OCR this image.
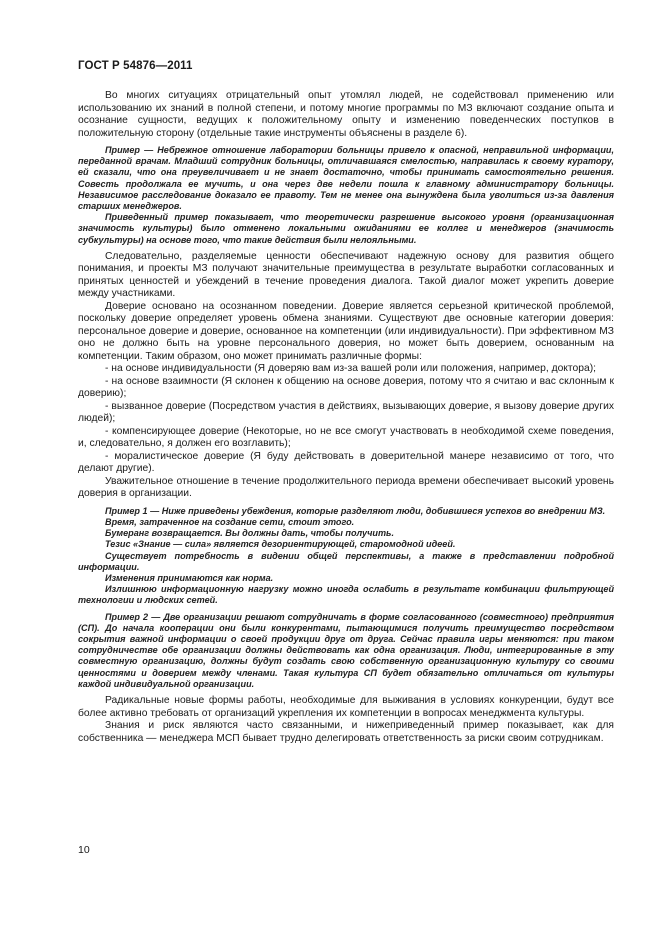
ГОСТ Р 54876—2011

Во многих ситуациях отрицательный опыт утомлял людей, не содействовал применению или использованию их знаний в полной степени, и потому многие программы по МЗ включают создание опыта и осознание сущности, ведущих к положительному опыту и изменению поведенческих поступков в положительную сторону (отдельные такие инструменты объяснены в разделе 6).

Пример — Небрежное отношение лаборатории больницы привело к опасной, неправильной информации, переданной врачам. Младший сотрудник больницы, отличавшаяся смелостью, направилась к своему куратору, ей сказали, что она преувеличивает и не знает достаточно, чтобы принимать самостоятельно решения. Совесть продолжала ее мучить, и она через две недели пошла к главному администратору больницы. Независимое расследование доказало ее правоту. Тем не менее она вынуждена была уволиться из-за давления старших менеджеров.

Приведенный пример показывает, что теоретически разрешение высокого уровня (организационная значимость культуры) было отменено локальными ожиданиями ее коллег и менеджеров (значимость субкультуры) на основе того, что такие действия были нелояльными.

Следовательно, разделяемые ценности обеспечивают надежную основу для развития общего понимания, и проекты МЗ получают значительные преимущества в результате выработки согласованных и принятых ценностей и убеждений в течение проведения диалога. Такой диалог может укрепить доверие между участниками.

Доверие основано на осознанном поведении. Доверие является серьезной критической проблемой, поскольку доверие определяет уровень обмена знаниями. Существуют две основные категории доверия: персональное доверие и доверие, основанное на компетенции (или индивидуальности). При эффективном МЗ оно не должно быть на уровне персонального доверия, но может быть доверием, основанным на компетенции. Таким образом, оно может принимать различные формы:

- на основе индивидуальности (Я доверяю вам из-за вашей роли или положения, например, доктора);

- на основе взаимности (Я склонен к общению на основе доверия, потому что я считаю и вас склонным к доверию);

- вызванное доверие (Посредством участия в действиях, вызывающих доверие, я вызову доверие других людей);

- компенсирующее доверие (Некоторые, но не все смогут участвовать в необходимой схеме поведения, и, следовательно, я должен его возглавить);

- моралистическое доверие (Я буду действовать в доверительной манере независимо от того, что делают другие).

Уважительное отношение в течение продолжительного периода времени обеспечивает высокий уровень доверия в организации.

Пример 1 — Ниже приведены убеждения, которые разделяют люди, добившиеся успехов во внедрении МЗ.

Время, затраченное на создание сети, стоит этого.

Бумеранг возвращается. Вы должны дать, чтобы получить.

Тезис «Знание — сила» является дезориентирующей, старомодной идеей.

Существует потребность в видении общей перспективы, а также в представлении подробной информации.

Изменения принимаются как норма.

Излишнюю информационную нагрузку можно иногда ослабить в результате комбинации фильтрующей технологии и людских сетей.

Пример 2 — Две организации решают сотрудничать в форме согласованного (совместного) предприятия (СП). До начала кооперации они были конкурентами, пытающимися получить преимущество посредством сокрытия важной информации о своей продукции друг от друга. Сейчас правила игры меняются: при таком сотрудничестве обе организации должны действовать как одна организация. Люди, интегрированные в эту совместную организацию, должны будут создать свою собственную организационную культуру со своими ценностями и доверием между членами. Такая культура СП будет обязательно отличаться от культуры каждой индивидуальной организации.

Радикальные новые формы работы, необходимые для выживания в условиях конкуренции, будут все более активно требовать от организаций укрепления их компетенции в вопросах менеджмента культуры.

Знания и риск являются часто связанными, и нижеприведенный пример показывает, как для собственника — менеджера МСП бывает трудно делегировать ответственность за риски своим сотрудникам.

10
